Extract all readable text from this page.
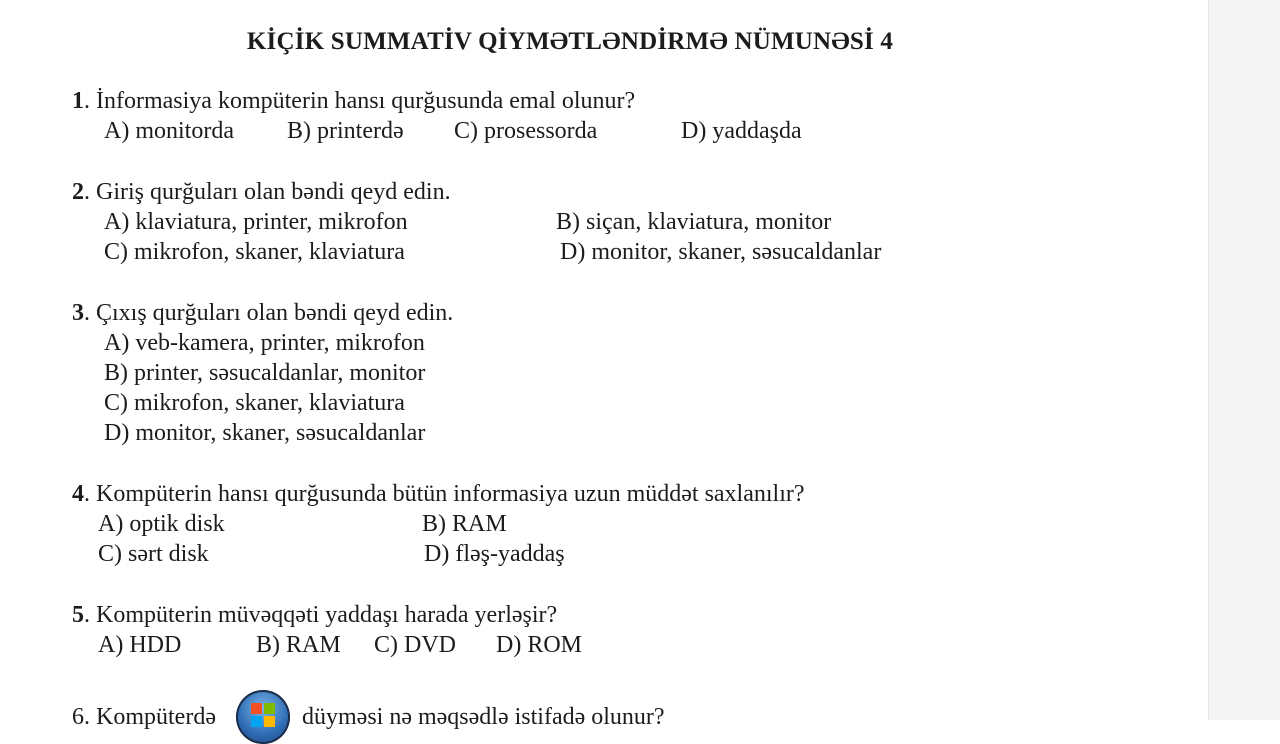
KİÇİK SUMMATİV QİYMƏTLƏNDİRMƏ NÜMUNƏSİ 4
1. İnformasiya kompüterin hansı qurğusunda emal olunur?
A) monitorda B) printerdə C) prosessorda	D) yaddaşda
2. Giriş qurğuları olan bəndi qeyd edin.
A) klaviatura, printer, mikrofon	B) siçan, klaviatura, monitor
C) mikrofon, skaner, klaviatura	D) monitor, skaner, səsucaldanlar
3. Çıxış qurğuları olan bəndi qeyd edin.
A) veb-kamera, printer, mikrofon
B) printer, səsucaldanlar, monitor
C) mikrofon, skaner, klaviatura
D) monitor, skaner, səsucaldanlar
4. Kompüterin hansı qurğusunda bütün informasiya uzun müddət saxlanılır?
A) optik disk	B) RAM
C) sərt disk	D) fləş-yaddaş
5. Kompüterin müvəqqəti yaddaşı harada yerləşir?
A) HDD	B) RAM C) DVD D) ROM
6. Kompüterdə	düyməsi nə məqsədlə istifadə olunur?
